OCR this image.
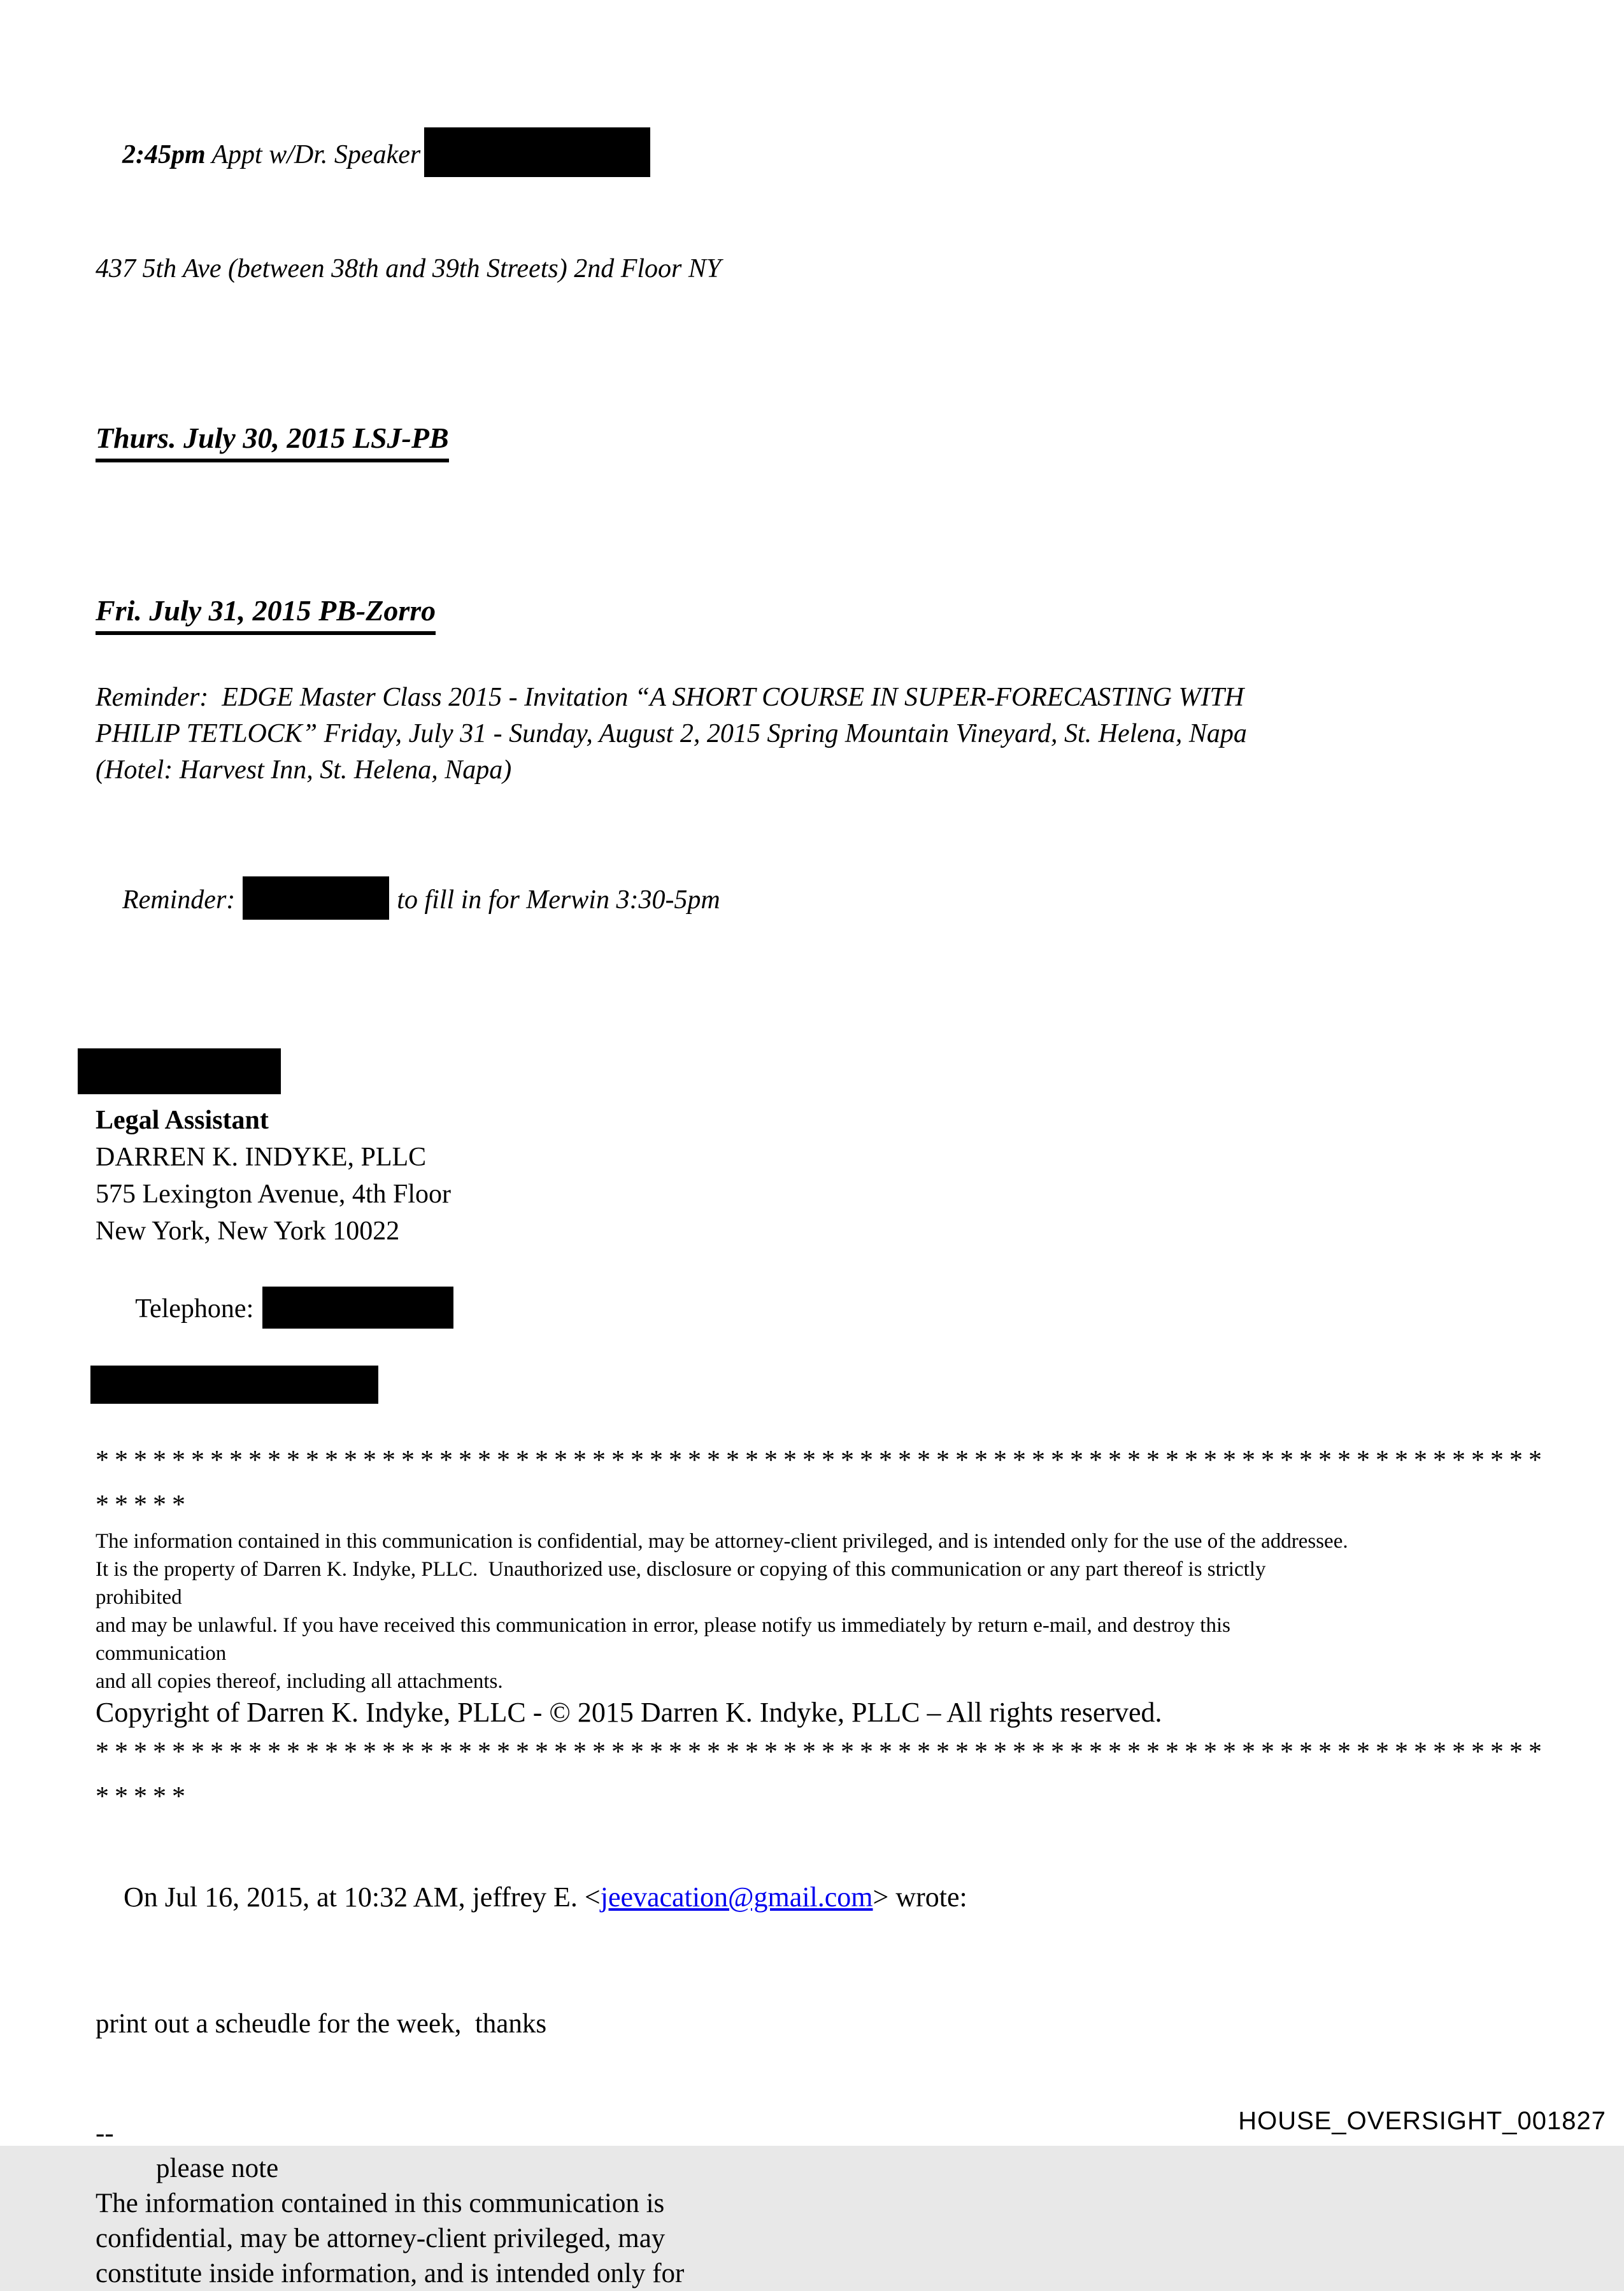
2:45pm Appt w/Dr. Speaker

437 5th Ave (between 38th and 39th Streets) 2nd Floor NY
Thurs. July 30, 2015 LSJ-PB
Fri. July 31, 2015 PB-Zorro
Reminder:  EDGE Master Class 2015 - Invitation “A SHORT COURSE IN SUPER-FORECASTING WITH
PHILIP TETLOCK” Friday, July 31 - Sunday, August 2, 2015 Spring Mountain Vineyard, St. Helena, Napa
(Hotel: Harvest Inn, St. Helena, Napa)

Reminder:	to fill in for Merwin 3:30-5pm

Legal Assistant
DARREN K. INDYKE, PLLC
575 Lexington Avenue, 4th Floor
New York, New York 10022

Telephone:

****************************************************************************
*****
The information contained in this communication is confidential, may be attorney-client privileged, and is intended only for the use of the addressee.
It is the property of Darren K. Indyke, PLLC.  Unauthorized use, disclosure or copying of this communication or any part thereof is strictly
prohibited
and may be unlawful. If you have received this communication in error, please notify us immediately by return e-mail, and destroy this
communication
and all copies thereof, including all attachments.
Copyright of Darren K. Indyke, PLLC - © 2015 Darren K. Indyke, PLLC – All rights reserved.
****************************************************************************
*****

On Jul 16, 2015, at 10:32 AM, jeffrey E. <jeevacation@gmail.com> wrote:

print out a scheudle for the week,  thanks
--
please note
The information contained in this communication is
confidential, may be attorney-client privileged, may
constitute inside information, and is intended only for
HOUSE_OVERSIGHT_001827
